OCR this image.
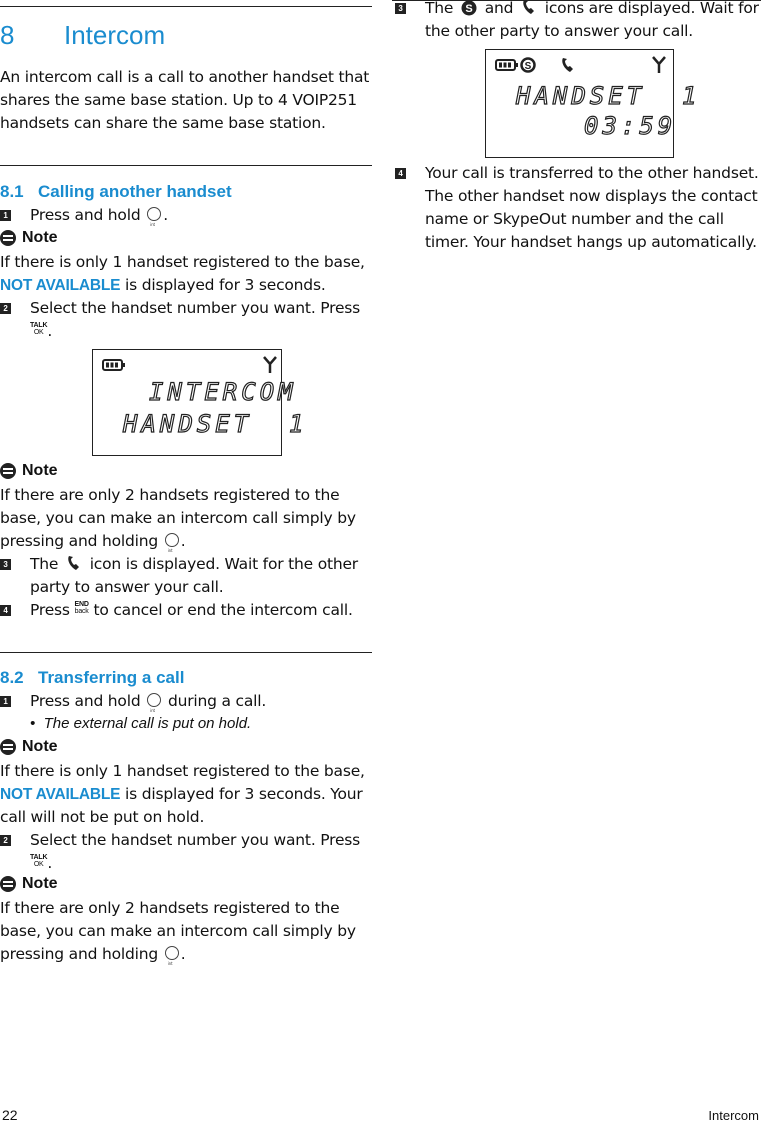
8 Intercom
An intercom call is a call to another handset that shares the same base station. Up to 4 VOIP251 handsets can share the same base station.
8.1 Calling another handset
1 Press and hold int .
Note
If there is only 1 handset registered to the base, NOT AVAILABLE is displayed for 3 seconds.
2 Select the handset number you want. Press

TALK
OK .
INTERCOM
HANDSET  1
Note
If there are only 2 handsets registered to the base, you can make an intercom call simply by pressing and holding int .
3 The icon is displayed. Wait for the other party to answer your call.
4 Press END
back to cancel or end the intercom call.
8.2 Transferring a call
1 Press and hold int during a call.
•  The external call is put on hold.
Note
If there is only 1 handset registered to the base, NOT AVAILABLE is displayed for 3 seconds. Your call will not be put on hold.
2 Select the handset number you want. Press

TALK
OK .
Note
If there are only 2 handsets registered to the base, you can make an intercom call simply by pressing and holding int .
3 The S and icons are displayed. Wait for the other party to answer your call.
S
HANDSET  1
03:59
4 Your call is transferred to the other handset. The other handset now displays the contact name or SkypeOut number and the call timer. Your handset hangs up automatically.
22	Intercom
